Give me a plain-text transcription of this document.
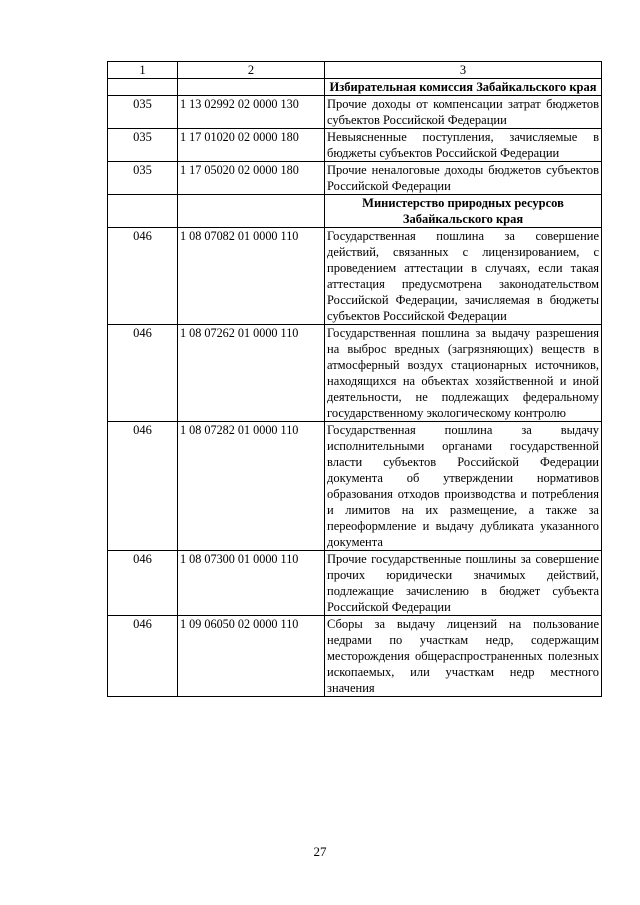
1	2	3
		Избирательная комиссия Забайкальского края
035	1 13 02992 02 0000 130	Прочие доходы от компенсации затрат бюджетов субъектов Российской Федерации
035	1 17 01020 02 0000 180	Невыясненные поступления, зачисляемые в бюджеты субъектов Российской Федерации
035	1 17 05020 02 0000 180	Прочие неналоговые доходы бюджетов субъектов Российской Федерации
		Министерство природных ресурсов Забайкальского края
046	1 08 07082 01 0000 110	Государственная пошлина за совершение действий, связанных с лицензированием, с проведением аттестации в случаях, если такая аттестация предусмотрена законодательством Российской Федерации, зачисляемая в бюджеты субъектов Российской Федерации
046	1 08 07262 01 0000 110	Государственная пошлина за выдачу разрешения на выброс вредных (загрязняющих) веществ в атмосферный воздух стационарных источников, находящихся на объектах хозяйственной и иной деятельности, не подлежащих федеральному государственному экологическому контролю
046	1 08 07282 01 0000 110	Государственная пошлина за выдачу исполнительными органами государственной власти субъектов Российской Федерации документа об утверждении нормативов образования отходов производства и потребления и лимитов на их размещение, а также за переоформление и выдачу дубликата указанного документа
046	1 08 07300 01 0000 110	Прочие государственные пошлины за совершение прочих юридически значимых действий, подлежащие зачислению в бюджет субъекта Российской Федерации
046	1 09 06050 02 0000 110	Сборы за выдачу лицензий на пользование недрами по участкам недр, содержащим месторождения общераспространенных полезных ископаемых, или участкам недр местного значения
27
